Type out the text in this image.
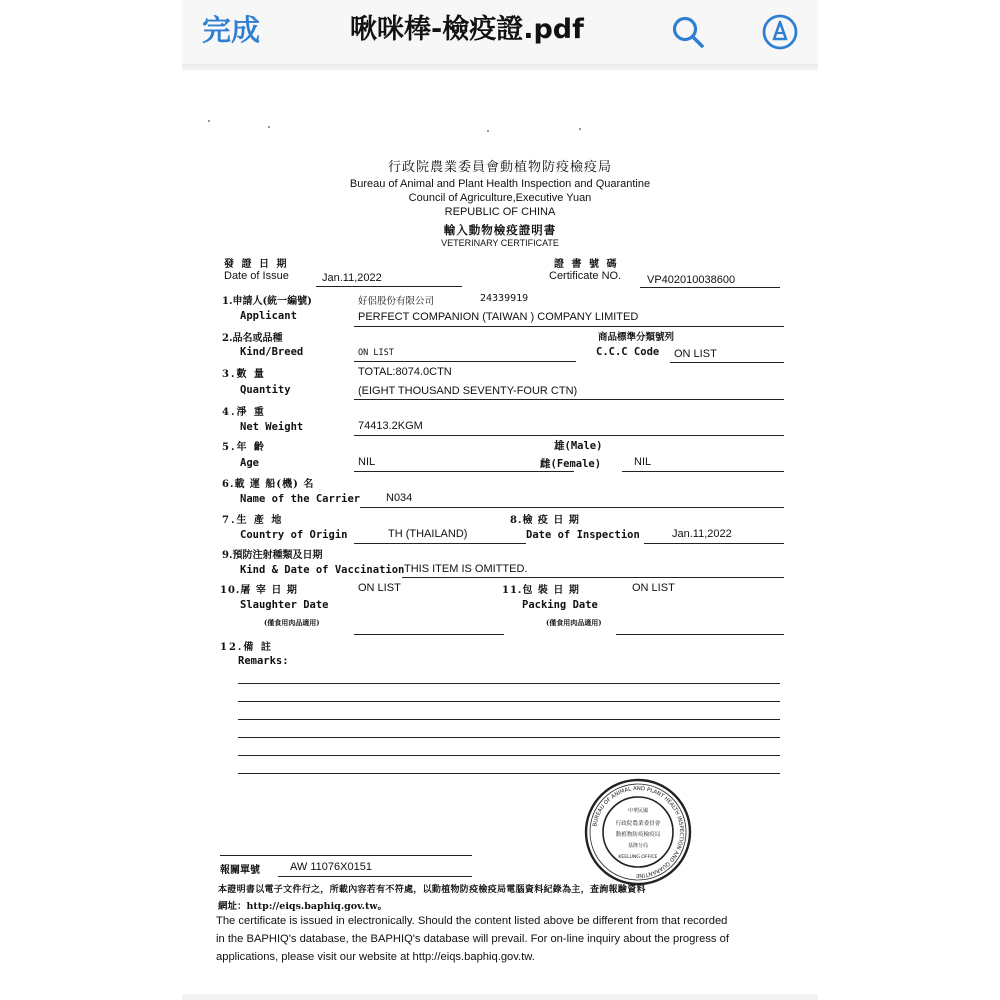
完成	啾咪棒-檢疫證.pdf
行政院農業委員會動植物防疫檢疫局
Bureau of Animal and Plant Health Inspection and Quarantine
Council of Agriculture,Executive Yuan
REPUBLIC OF CHINA
輸入動物檢疫證明書
VETERINARY CERTIFICATE
發 證 日 期
Date of Issue	Jan.11,2022
證 書 號 碼
Certificate NO. VP402010038600
1.申請人(統一編號)	好侶股份有限公司	24339919
Applicant	PERFECT COMPANION (TAIWAN ) COMPANY LIMITED
2.品名或品種	商品標準分類號列
Kind/Breed	ON LIST	C.C.C Code ON LIST
3.數 量	TOTAL:8074.0CTN
Quantity	(EIGHT THOUSAND SEVENTY-FOUR CTN)
4.淨 重
Net Weight	74413.2KGM
5.年 齡	雄(Male)
Age	NIL	雌(Female)	NIL
6.載 運 船(機) 名
Name of the Carrier N034
7.生 產 地	8.檢 疫 日 期
Country of Origin	TH (THAILAND)	Date of Inspection	Jan.11,2022
9.預防注射種類及日期
Kind & Date of Vaccination THIS ITEM IS OMITTED.
10.屠 宰 日 期	ON LIST	11.包 裝 日 期	ON LIST
Slaughter Date	Packing Date
(僅食用肉品適用)	(僅食用肉品適用)
12.備 註
Remarks:
BUREAU OF ANIMAL AND PLANT HEALTH INSPECTION AND QUARANTINE
中華民國
行政院農業委員會
動植物防疫檢疫局
基隆分局
KEELUNG OFFICE
報關單號	AW 11076X0151
本證明書以電子文件行之，所載內容若有不符處，以動植物防疫檢疫局電腦資料紀錄為主，查詢報驗資料
網址：http://eiqs.baphiq.gov.tw。
The certificate is issued in electronically. Should the content listed above be different from that recorded
in the BAPHIQ's database, the BAPHIQ's database will prevail. For on-line inquiry about the progress of
applications, please visit our website at http://eiqs.baphiq.gov.tw.
